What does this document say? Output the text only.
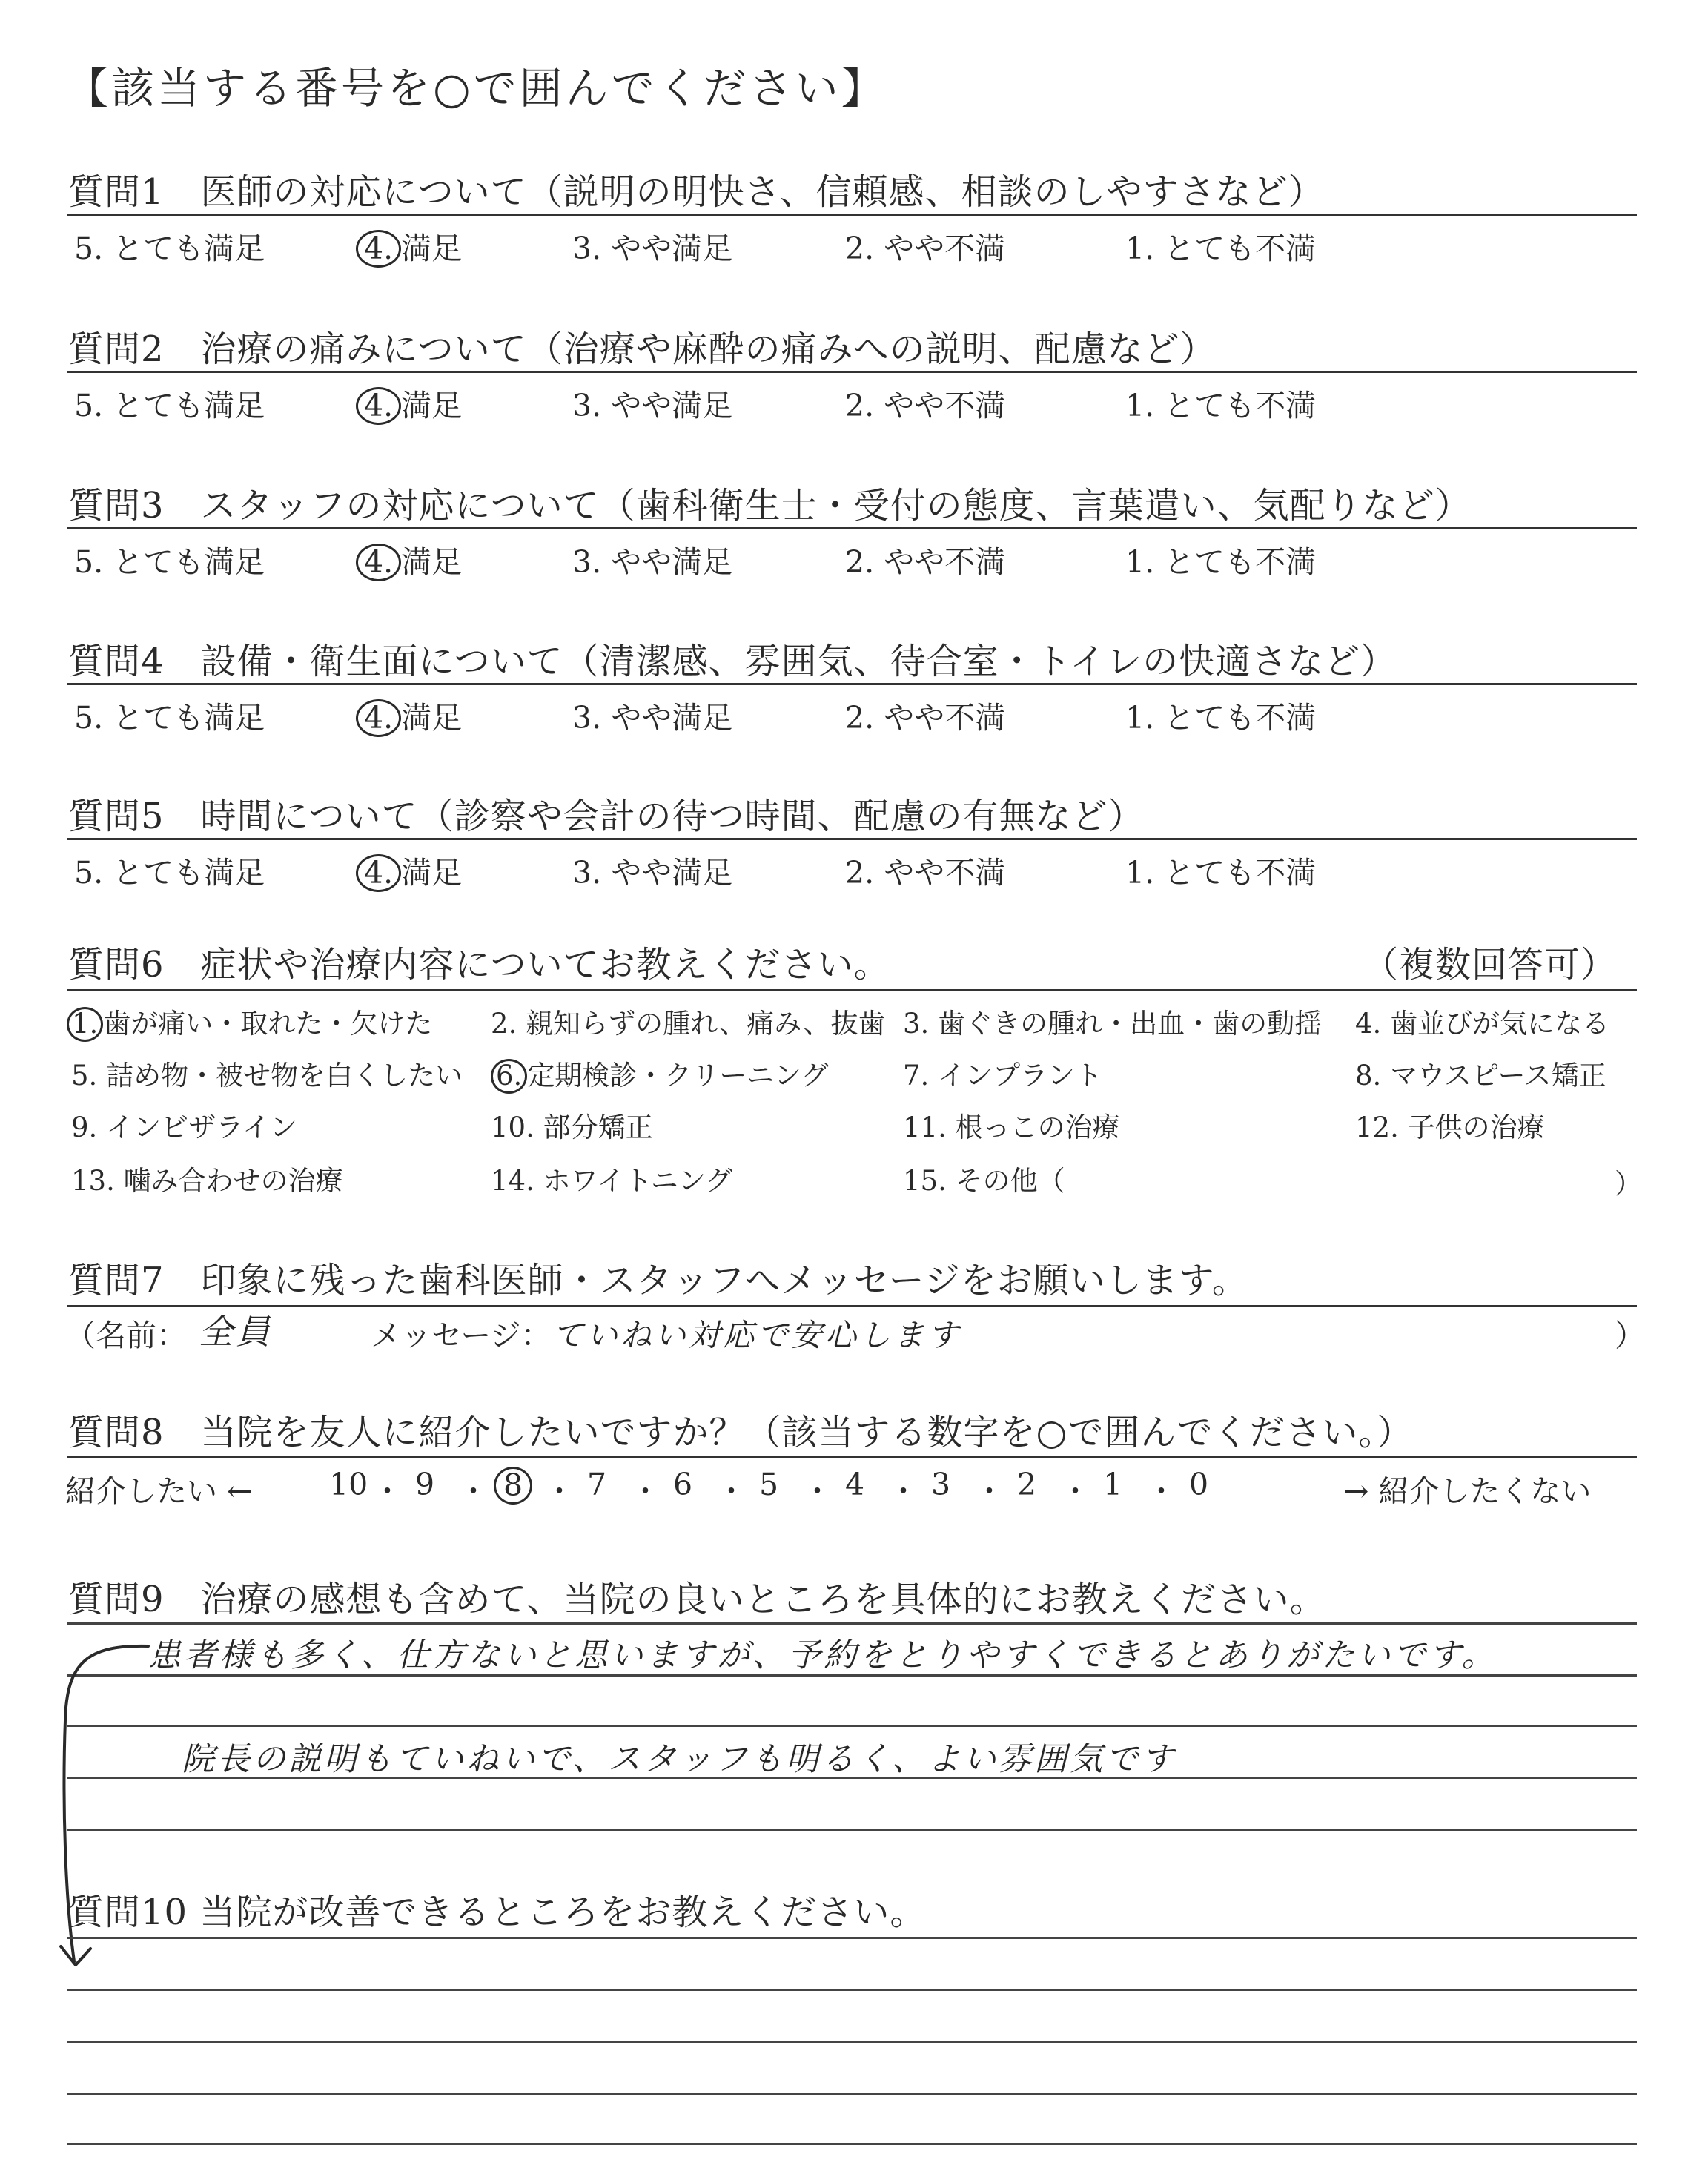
【該当する番号を○で囲んでください】
質問1　医師の対応について（説明の明快さ、信頼感、相談のしやすさなど）
5. とても満足	4. 満足	3. やや満足	2. やや不満	1. とても不満
質問2　治療の痛みについて（治療や麻酔の痛みへの説明、配慮など）
5. とても満足	4. 満足	3. やや満足	2. やや不満	1. とても不満
質問3　スタッフの対応について（歯科衛生士・受付の態度、言葉遣い、気配りなど）
5. とても満足	4. 満足	3. やや満足	2. やや不満	1. とても不満
質問4　設備・衛生面について（清潔感、雰囲気、待合室・トイレの快適さなど）
5. とても満足	4. 満足	3. やや満足	2. やや不満	1. とても不満
質問5　時間について（診察や会計の待つ時間、配慮の有無など）
5. とても満足	4. 満足	3. やや満足	2. やや不満	1. とても不満
質問6　症状や治療内容についてお教えください。	（複数回答可）
1. 歯が痛い・取れた・欠けた 2. 親知らずの腫れ、痛み、抜歯 3. 歯ぐきの腫れ・出血・歯の動揺 4. 歯並びが気になる
5. 詰め物・被せ物を白くしたい 6. 定期検診・クリーニング	7. インプラント	8. マウスピース矯正
9. インビザライン	10. 部分矯正	11. 根っこの治療	12. 子供の治療
13. 噛み合わせの治療	14. ホワイトニング	15. その他（	）
質問7　印象に残った歯科医師・スタッフへメッセージをお願いします。
（名前： 全員	メッセージ： ていねい対応で安心します	）
質問8　当院を友人に紹介したいですか？（該当する数字を○で囲んでください。）
紹介したい ←	10 ・ 9 ・ 8 ・ 7 ・ 6 ・ 5 ・ 4 ・ 3 ・ 2 ・ 1 ・ 0	→ 紹介したくない
質問9　治療の感想も含めて、当院の良いところを具体的にお教えください。
患者様も多く、仕方ないと思いますが、予約をとりやすくできるとありがたいです。
院長の説明もていねいで、スタッフも明るく、よい雰囲気です
質問10 当院が改善できるところをお教えください。
